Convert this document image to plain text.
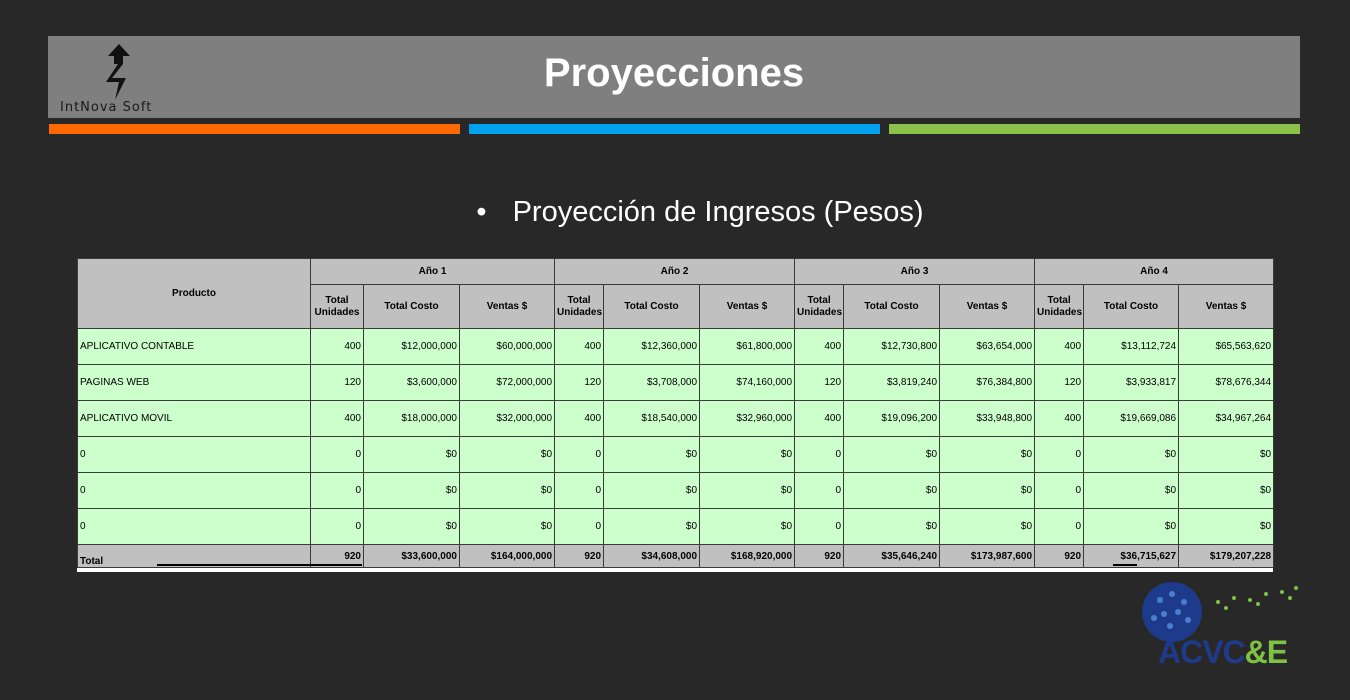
IntNova Soft
Proyecciones
• Proyección de Ingresos (Pesos)
Producto	Año 1			Año 2			Año 3			Año 4		
	Total Unidades	Total Costo	Ventas $	Total Unidades	Total Costo	Ventas $	Total Unidades	Total Costo	Ventas $	Total Unidades	Total Costo	Ventas $
APLICATIVO CONTABLE	400	$12,000,000	$60,000,000	400	$12,360,000	$61,800,000	400	$12,730,800	$63,654,000	400	$13,112,724	$65,563,620
PAGINAS WEB	120	$3,600,000	$72,000,000	120	$3,708,000	$74,160,000	120	$3,819,240	$76,384,800	120	$3,933,817	$78,676,344
APLICATIVO MOVIL	400	$18,000,000	$32,000,000	400	$18,540,000	$32,960,000	400	$19,096,200	$33,948,800	400	$19,669,086	$34,967,264
0	0	$0	$0	0	$0	$0	0	$0	$0	0	$0	$0
0	0	$0	$0	0	$0	$0	0	$0	$0	0	$0	$0
0	0	$0	$0	0	$0	$0	0	$0	$0	0	$0	$0
Total	920	$33,600,000	$164,000,000	920	$34,608,000	$168,920,000	920	$35,646,240	$173,987,600	920	$36,715,627	$179,207,228
ACVC&E
